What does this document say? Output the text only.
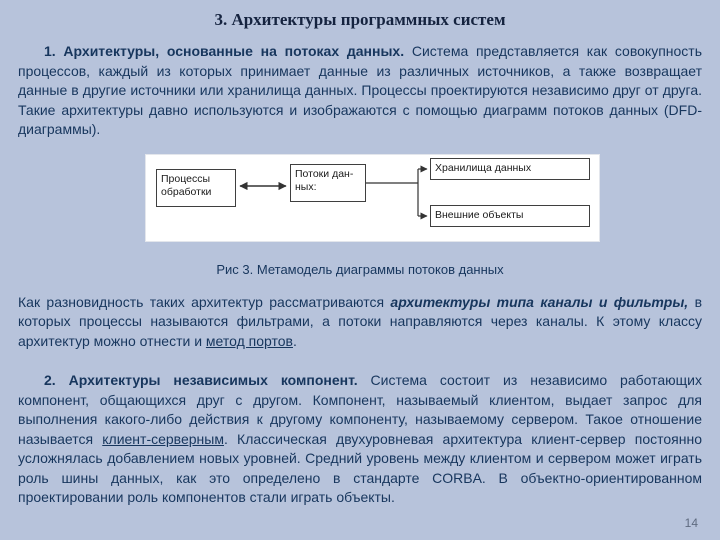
3. Архитектуры программных систем
1. Архитектуры, основанные на потоках данных. Система представляется как совокупность процессов, каждый из которых принимает данные из различных источников, а также возвращает данные в другие источники или хранилища данных. Процессы проектируются независимо друг от друга. Такие архитектуры давно используются и изображаются с помощью диаграмм потоков данных (DFD-диаграммы).
Процессы обработки
Потоки дан-ных:
Хранилища данных
Внешние объекты
Рис 3. Метамодель диаграммы потоков данных
Как разновидность таких архитектур рассматриваются архитектуры типа каналы и фильтры, в которых процессы называются фильтрами, а потоки направляются через каналы. К этому классу архитектур можно отнести и метод портов.
2. Архитектуры независимых компонент. Система состоит из независимо работающих компонент, общающихся друг с другом. Компонент, называемый клиентом, выдает запрос для выполнения какого-либо действия к другому компоненту, называемому сервером. Такое отношение называется клиент-серверным. Классическая двухуровневая архитектура клиент-сервер постоянно усложнялась добавлением новых уровней. Средний уровень между клиентом и сервером может играть роль шины данных, как это определено в стандарте CORBA. В объектно-ориентированном проектировании роль компонентов стали играть объекты.
14
